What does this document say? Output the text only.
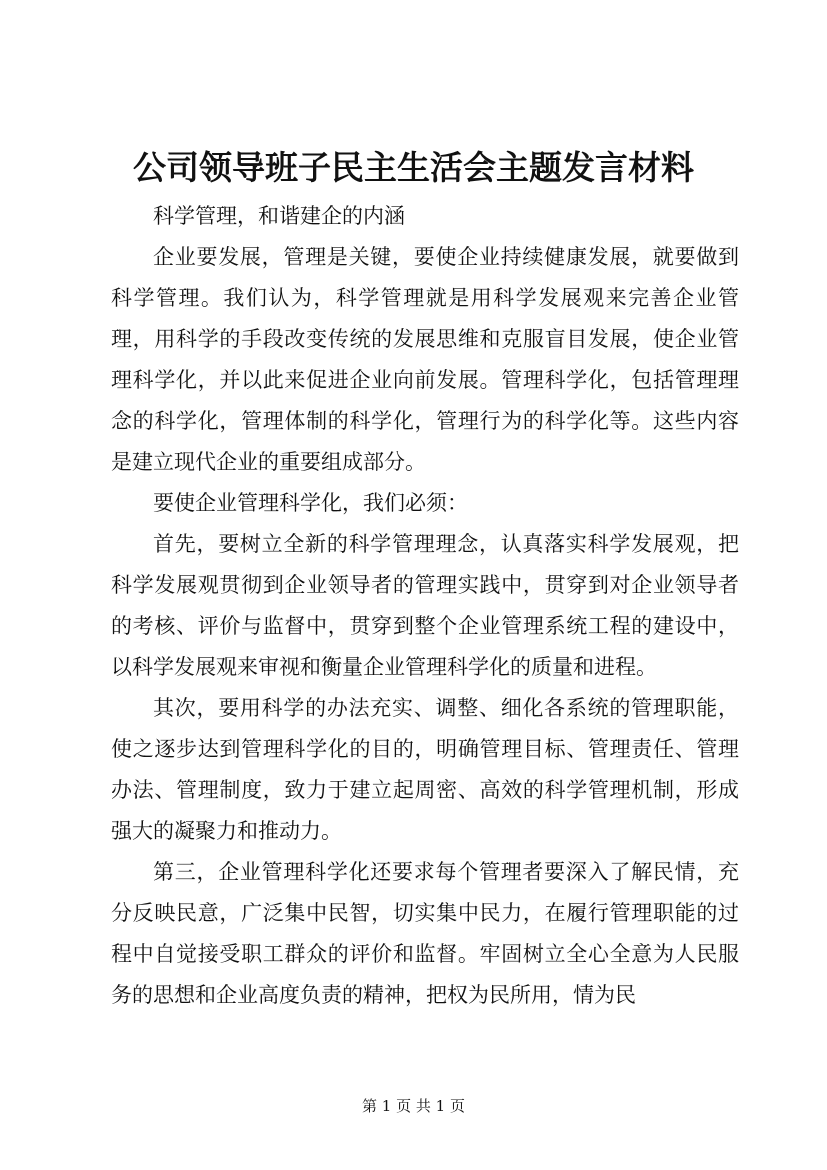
公司领导班子民主生活会主题发言材料

科学管理，和谐建企的内涵

企业要发展，管理是关键，要使企业持续健康发展，就要做到科学管理。我们认为，科学管理就是用科学发展观来完善企业管理，用科学的手段改变传统的发展思维和克服盲目发展，使企业管理科学化，并以此来促进企业向前发展。管理科学化，包括管理理念的科学化，管理体制的科学化，管理行为的科学化等。这些内容是建立现代企业的重要组成部分。

要使企业管理科学化，我们必须：

首先，要树立全新的科学管理理念，认真落实科学发展观，把科学发展观贯彻到企业领导者的管理实践中，贯穿到对企业领导者的考核、评价与监督中，贯穿到整个企业管理系统工程的建设中，以科学发展观来审视和衡量企业管理科学化的质量和进程。

其次，要用科学的办法充实、调整、细化各系统的管理职能，使之逐步达到管理科学化的目的，明确管理目标、管理责任、管理办法、管理制度，致力于建立起周密、高效的科学管理机制，形成强大的凝聚力和推动力。

第三，企业管理科学化还要求每个管理者要深入了解民情，充分反映民意，广泛集中民智，切实集中民力，在履行管理职能的过程中自觉接受职工群众的评价和监督。牢固树立全心全意为人民服务的思想和企业高度负责的精神，把权为民所用，情为民

第 1 页 共 1 页
